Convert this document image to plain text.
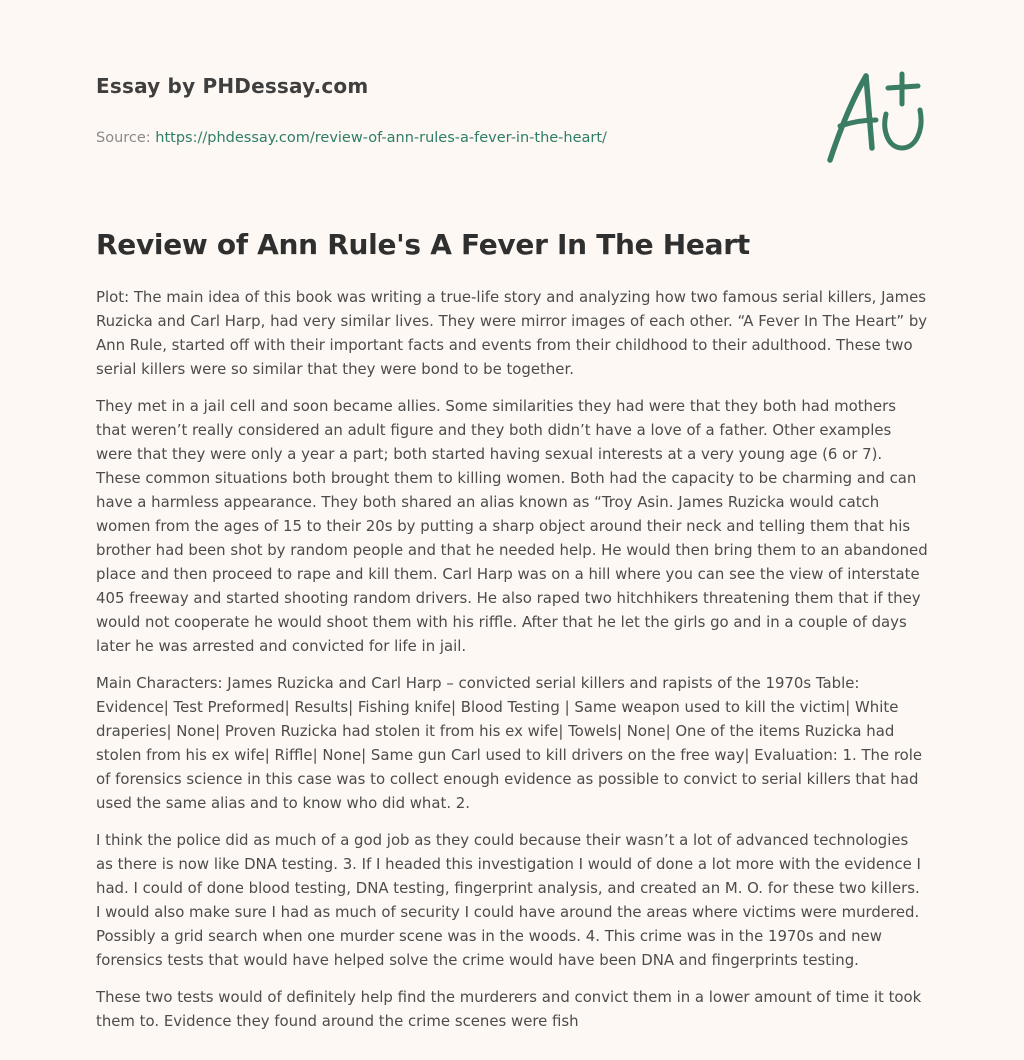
Essay by PHDessay.com
Source: https://phdessay.com/review-of-ann-rules-a-fever-in-the-heart/
Review of Ann Rule's A Fever In The Heart

Plot: The main idea of this book was writing a true-life story and analyzing how two famous serial killers, James Ruzicka and Carl Harp, had very similar lives. They were mirror images of each other. “A Fever In The Heart” by Ann Rule, started off with their important facts and events from their childhood to their adulthood. These two serial killers were so similar that they were bond to be together.

They met in a jail cell and soon became allies. Some similarities they had were that they both had mothers that weren’t really considered an adult figure and they both didn’t have a love of a father. Other examples were that they were only a year a part; both started having sexual interests at a very young age (6 or 7). These common situations both brought them to killing women. Both had the capacity to be charming and can have a harmless appearance. They both shared an alias known as “Troy Asin. James Ruzicka would catch women from the ages of 15 to their 20s by putting a sharp object around their neck and telling them that his brother had been shot by random people and that he needed help. He would then bring them to an abandoned place and then proceed to rape and kill them. Carl Harp was on a hill where you can see the view of interstate 405 freeway and started shooting random drivers. He also raped two hitchhikers threatening them that if they would not cooperate he would shoot them with his riffle. After that he let the girls go and in a couple of days later he was arrested and convicted for life in jail.

Main Characters: James Ruzicka and Carl Harp – convicted serial killers and rapists of the 1970s Table: Evidence| Test Preformed| Results| Fishing knife| Blood Testing | Same weapon used to kill the victim| White draperies| None| Proven Ruzicka had stolen it from his ex wife| Towels| None| One of the items Ruzicka had stolen from his ex wife| Riffle| None| Same gun Carl used to kill drivers on the free way| Evaluation: 1. The role of forensics science in this case was to collect enough evidence as possible to convict to serial killers that had used the same alias and to know who did what. 2.

I think the police did as much of a god job as they could because their wasn’t a lot of advanced technologies as there is now like DNA testing. 3. If I headed this investigation I would of done a lot more with the evidence I had. I could of done blood testing, DNA testing, fingerprint analysis, and created an M. O. for these two killers. I would also make sure I had as much of security I could have around the areas where victims were murdered. Possibly a grid search when one murder scene was in the woods. 4. This crime was in the 1970s and new forensics tests that would have helped solve the crime would have been DNA and fingerprints testing.

These two tests would of definitely help find the murderers and convict them in a lower amount of time it took them to. Evidence they found around the crime scenes were fish
